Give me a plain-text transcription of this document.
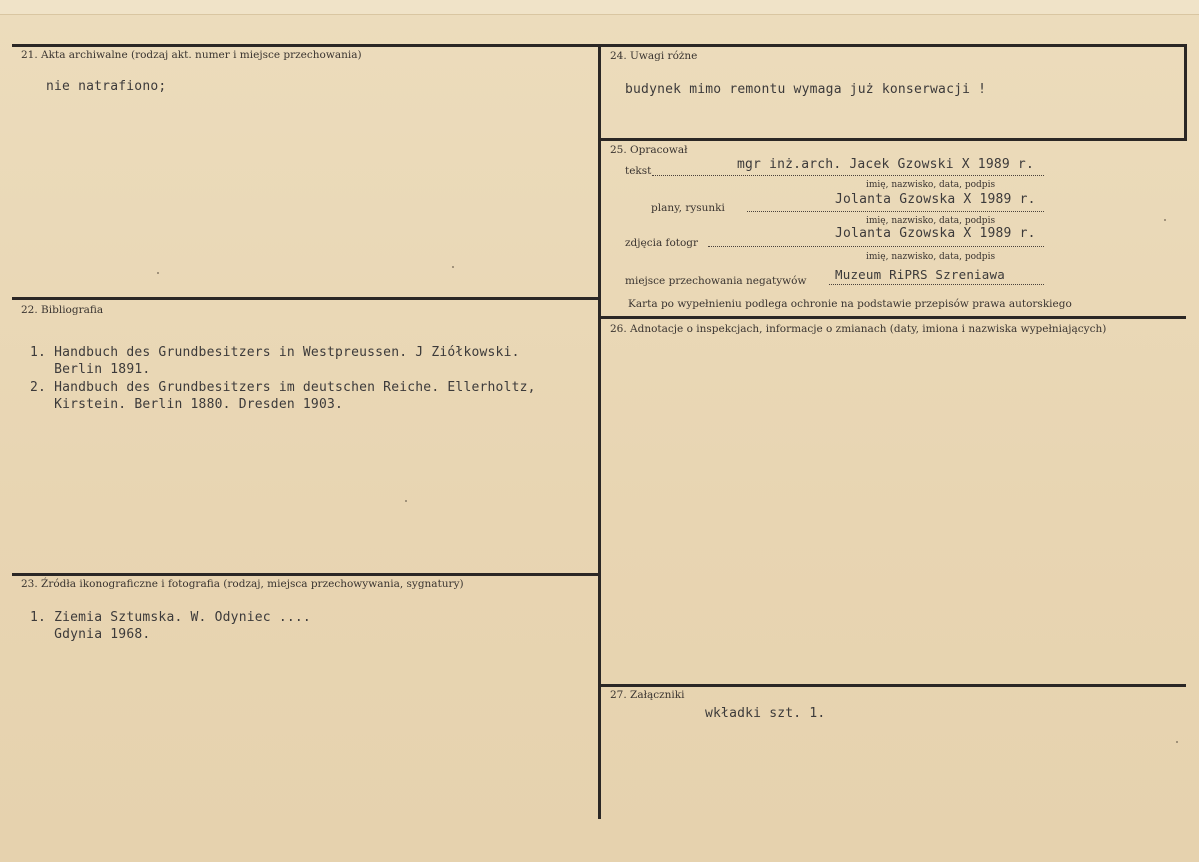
21. Akta archiwalne (rodzaj akt. numer i miejsce przechowania)
nie natrafiono;
22. Bibliografia
1. Handbuch des Grundbesitzers in Westpreussen. J Ziółkowski.
Berlin 1891.
2. Handbuch des Grundbesitzers im deutschen Reiche. Ellerholtz,
Kirstein. Berlin 1880. Dresden 1903.
23. Źródła ikonograficzne i fotografia (rodzaj, miejsca przechowywania, sygnatury)
1. Ziemia Sztumska. W. Odyniec ....
Gdynia 1968.
24. Uwagi różne
budynek mimo remontu wymaga już konserwacji !
25. Opracował
tekst	mgr inż.arch. Jacek Gzowski X 1989 r.
imię, nazwisko, data, podpis
plany, rysunki
Jolanta Gzowska X 1989 r.
imię, nazwisko, data, podpis
zdjęcia fotogr
Jolanta Gzowska X 1989 r.
imię, nazwisko, data, podpis
miejsce przechowania negatywów Muzeum RiPRS Szreniawa
Karta po wypełnieniu podlega ochronie na podstawie przepisów prawa autorskiego
26. Adnotacje o inspekcjach, informacje o zmianach (daty, imiona i nazwiska wypełniających)
27. Załączniki
wkładki szt. 1.
